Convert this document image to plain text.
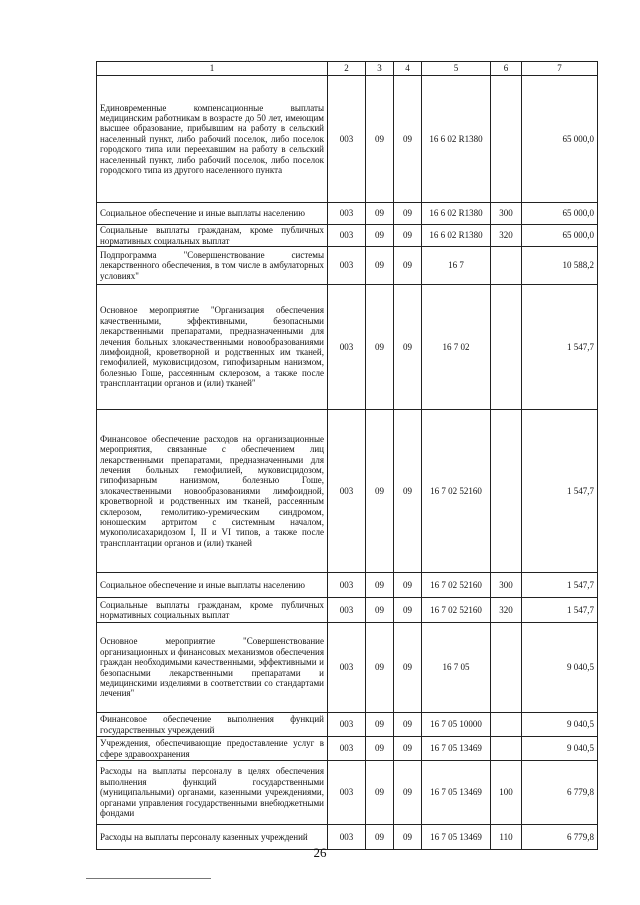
1	2	3	4	5	6	7
Единовременные компенсационные выплаты медицинским работникам в возрасте до 50 лет, имеющим высшее образование, прибывшим на работу в сельский населенный пункт, либо рабочий поселок, либо поселок городского типа или переехавшим на работу в сельский населенный пункт, либо рабочий поселок, либо поселок городского типа из другого населенного пункта	003	09	09	16 6 02 R1380		65 000,0
Социальное обеспечение и иные выплаты населению	003	09	09	16 6 02 R1380	300	65 000,0
Социальные выплаты гражданам, кроме публичных нормативных социальных выплат	003	09	09	16 6 02 R1380	320	65 000,0
Подпрограмма "Совершенствование системы лекарственного обеспечения, в том числе в амбулаторных условиях"	003	09	09	16 7		10 588,2
Основное мероприятие "Организация обеспечения качественными, эффективными, безопасными лекарственными препаратами, предназначенными для лечения больных злокачественными новообразованиями лимфоидной, кроветворной и родственных им тканей, гемофилией, муковисцидозом, гипофизарным нанизмом, болезнью Гоше, рассеянным склерозом, а также после трансплантации органов и (или) тканей"	003	09	09	16 7 02		1 547,7
Финансовое обеспечение расходов на организационные мероприятия, связанные с обеспечением лиц лекарственными препаратами, предназначенными для лечения больных гемофилией, муковисцидозом, гипофизарным нанизмом, болезнью Гоше, злокачественными новообразованиями лимфоидной, кроветворной и родственных им тканей, рассеянным склерозом, гемолитико-уремическим синдромом, юношеским артритом с системным началом, мукополисахаридозом I, II и VI типов, а также после трансплантации органов и (или) тканей	003	09	09	16 7 02 52160		1 547,7
Социальное обеспечение и иные выплаты населению	003	09	09	16 7 02 52160	300	1 547,7
Социальные выплаты гражданам, кроме публичных нормативных социальных выплат	003	09	09	16 7 02 52160	320	1 547,7
Основное мероприятие "Совершенствование организационных и финансовых механизмов обеспечения граждан необходимыми качественными, эффективными и безопасными лекарственными препаратами и медицинскими изделиями в соответствии со стандартами лечения"	003	09	09	16 7 05		9 040,5
Финансовое обеспечение выполнения функций государственных учреждений	003	09	09	16 7 05 10000		9 040,5
Учреждения, обеспечивающие предоставление услуг в сфере здравоохранения	003	09	09	16 7 05 13469		9 040,5
Расходы на выплаты персоналу в целях обеспечения выполнения функций государственными (муниципальными) органами, казенными учреждениями, органами управления государственными внебюджетными фондами	003	09	09	16 7 05 13469	100	6 779,8
Расходы на выплаты персоналу казенных учреждений	003	09	09	16 7 05 13469	110	6 779,8
26
